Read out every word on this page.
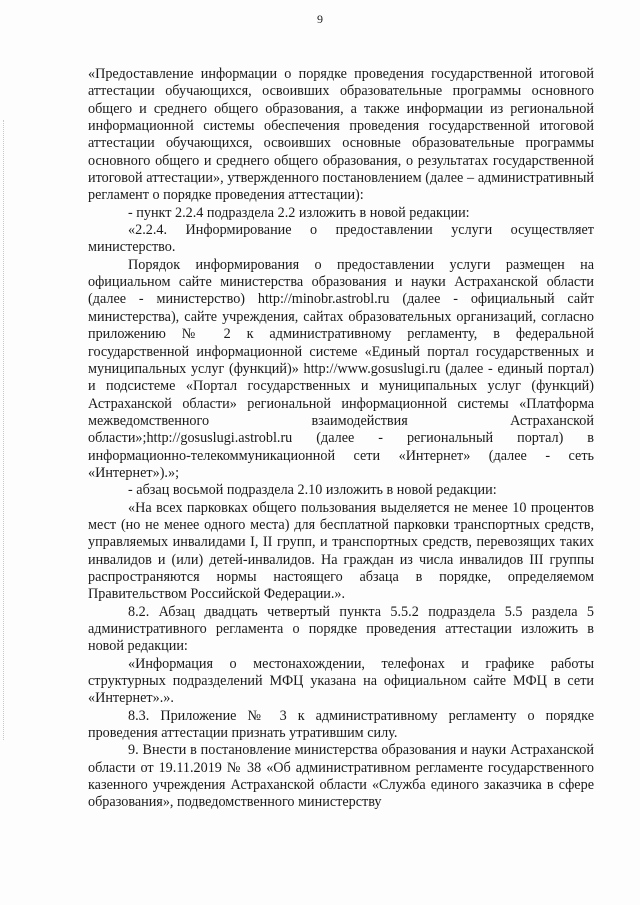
9

«Предоставление информации о порядке проведения государственной итоговой аттестации обучающихся, освоивших образовательные программы основного общего и среднего общего образования, а также информации из региональной информационной системы обеспечения проведения государственной итоговой аттестации обучающихся, освоивших основные образовательные программы основного общего и среднего общего образования, о результатах государственной итоговой аттестации», утвержденного постановлением (далее – административный регламент о порядке проведения аттестации):

- пункт 2.2.4 подраздела 2.2 изложить в новой редакции:

«2.2.4. Информирование о предоставлении услуги осуществляет министерство.

Порядок информирования о предоставлении услуги размещен на официальном сайте министерства образования и науки Астраханской области (далее - министерство) http://minobr.astrobl.ru (далее - официальный сайт министерства), сайте учреждения, сайтах образовательных организаций, согласно приложению № 2 к административному регламенту, в федеральной государственной информационной системе «Единый портал государственных и муниципальных услуг (функций)» http://www.gosuslugi.ru (далее - единый портал) и подсистеме «Портал государственных и муниципальных услуг (функций) Астраханской области» региональной информационной системы «Платформа межведомственного взаимодействия Астраханской области»;http://gosuslugi.astrobl.ru (далее - региональный портал) в информационно-телекоммуникационной сети «Интернет» (далее - сеть «Интернет»).»;

- абзац восьмой подраздела 2.10 изложить в новой редакции:

«На всех парковках общего пользования выделяется не менее 10 процентов мест (но не менее одного места) для бесплатной парковки транспортных средств, управляемых инвалидами I, II групп, и транспортных средств, перевозящих таких инвалидов и (или) детей-инвалидов. На граждан из числа инвалидов III группы распространяются нормы настоящего абзаца в порядке, определяемом Правительством Российской Федерации.».

8.2. Абзац двадцать четвертый пункта 5.5.2 подраздела 5.5 раздела 5 административного регламента о порядке проведения аттестации изложить в новой редакции:

«Информация о местонахождении, телефонах и графике работы структурных подразделений МФЦ указана на официальном сайте МФЦ в сети «Интернет».».

8.3. Приложение № 3 к административному регламенту о порядке проведения аттестации признать утратившим силу.

9. Внести в постановление министерства образования и науки Астраханской области от 19.11.2019 № 38 «Об административном регламенте государственного казенного учреждения Астраханской области «Служба единого заказчика в сфере образования», подведомственного министерству
